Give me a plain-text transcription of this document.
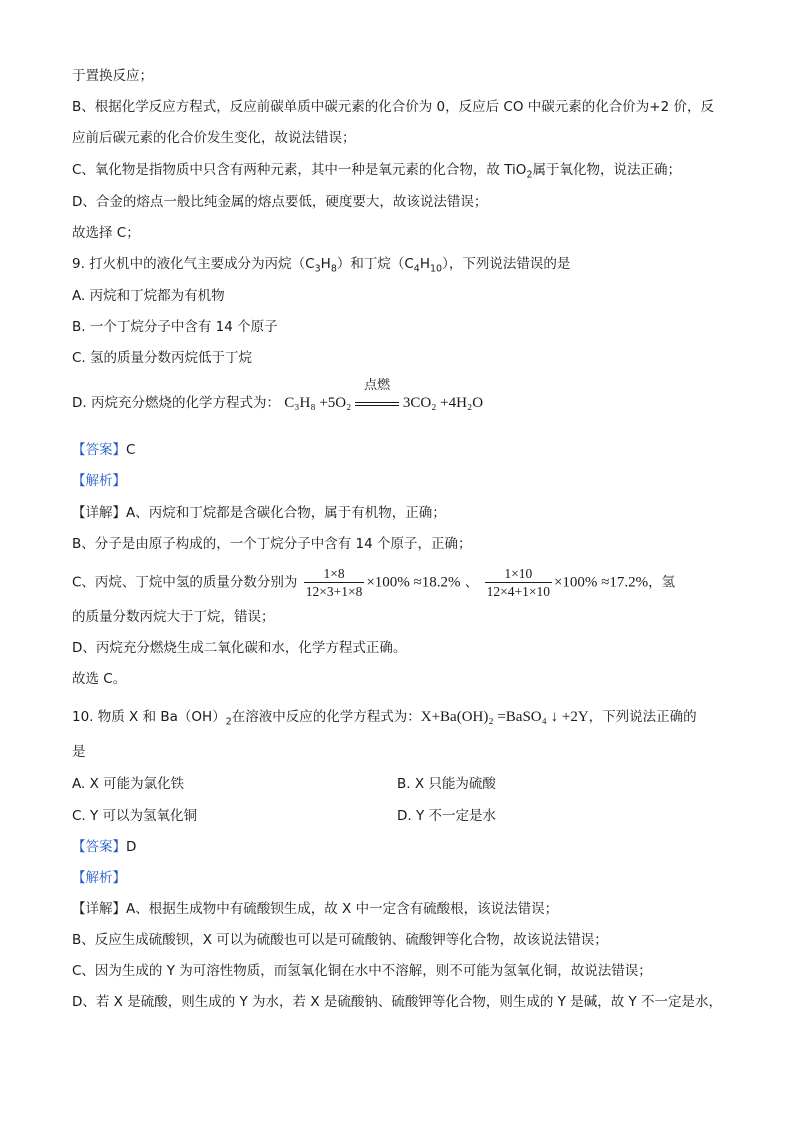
于置换反应；
B、根据化学反应方程式，反应前碳单质中碳元素的化合价为 0，反应后 CO 中碳元素的化合价为+2 价，反
应前后碳元素的化合价发生变化，故说法错误；
C、氧化物是指物质中只含有两种元素，其中一种是氧元素的化合物，故 TiO$_2$属于氧化物，说法正确；
D、合金的熔点一般比纯金属的熔点要低，硬度要大，故该说法错误；
故选择 C；
9. 打火机中的液化气主要成分为丙烷$(C_3H_8)$和丁烷$(C_4H_{10})$，下列说法错误的是
A. 丙烷和丁烷都为有机物
B. 一个丁烷分子中含有 14 个原子
C. 氢的质量分数丙烷低于丁烷
D. 丙烷充分燃烧的化学方程式为： C₃H₈ +5O₂
点燃
3CO₂ +4H₂O
【答案】C
【解析】
【详解】A、丙烷和丁烷都是含碳化合物，属于有机物，正确；
B、分子是由原子构成的，一个丁烷分子中含有 14 个原子，正确；
C、丙烷、丁烷中氢的质量分数分别为 $\frac{1\times 8}{12\times 3+1\times 8} \times 100\% \approx 18.2\%$ 、 $\frac{1\times 10}{12\times 4+1\times 10} \times 100\% \approx 17.2\%$，氢
的质量分数丙烷大于丁烷，错误；
D、丙烷充分燃烧生成二氧化碳和水，化学方程式正确。
故选 C。
10. 物质 X 和 $Ba(OH)_2$在溶液中反应的化学方程式为：X+Ba(OH)₂ =BaSO₄ ↓ +2Y，下列说法正确的
是
A. X 可能为氯化铁	B. X 只能为硫酸
C. Y 可以为氢氧化铜	D. Y 不一定是水
【答案】D
【解析】
【详解】A、根据生成物中有硫酸钡生成，故 X 中一定含有硫酸根，该说法错误；
B、反应生成硫酸钡，X 可以为硫酸也可以是可硫酸钠、硫酸钾等化合物，故该说法错误；
C、因为生成的 Y 为可溶性物质，而氢氧化铜在水中不溶解，则不可能为氢氧化铜，故说法错误；
D、若 X 是硫酸，则生成的 Y 为水，若 X 是硫酸钠、硫酸钾等化合物，则生成的 Y 是碱，故 Y 不一定是水，
